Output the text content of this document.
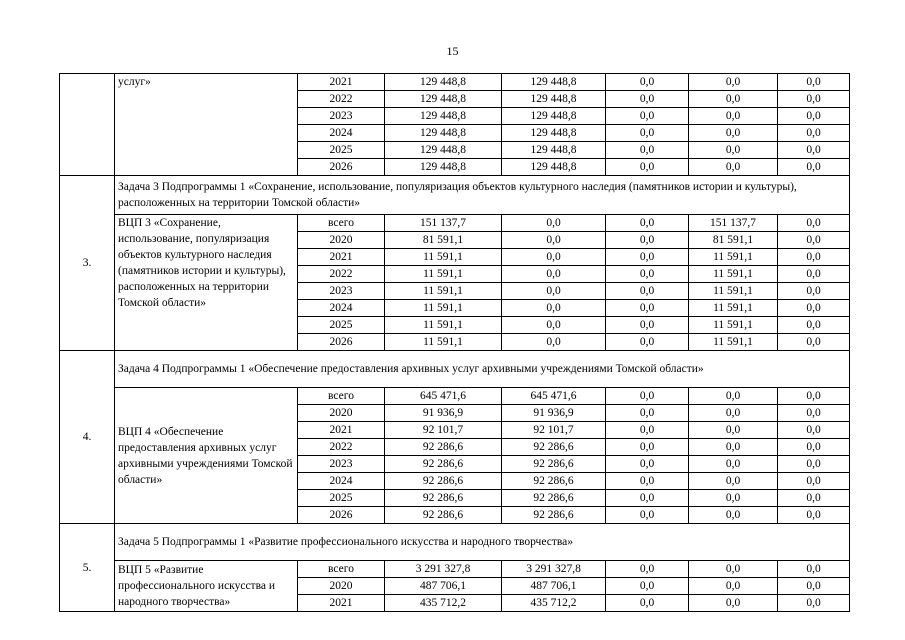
15
	услуг»	2021	129 448,8	129 448,8	0,0	0,0	0,0
		2022	129 448,8	129 448,8	0,0	0,0	0,0
		2023	129 448,8	129 448,8	0,0	0,0	0,0
		2024	129 448,8	129 448,8	0,0	0,0	0,0
		2025	129 448,8	129 448,8	0,0	0,0	0,0
		2026	129 448,8	129 448,8	0,0	0,0	0,0
3.	Задача 3 Подпрограммы 1 «Сохранение, использование, популяризация объектов культурного наследия (памятников истории и культуры), расположенных на территории Томской области»						
	ВЦП 3 «Сохранение, использование, популяризация объектов культурного наследия (памятников истории и культуры), расположенных на территории Томской области»	всего	151 137,7	0,0	0,0	151 137,7	0,0
		2020	81 591,1	0,0	0,0	81 591,1	0,0
		2021	11 591,1	0,0	0,0	11 591,1	0,0
		2022	11 591,1	0,0	0,0	11 591,1	0,0
		2023	11 591,1	0,0	0,0	11 591,1	0,0
		2024	11 591,1	0,0	0,0	11 591,1	0,0
		2025	11 591,1	0,0	0,0	11 591,1	0,0
		2026	11 591,1	0,0	0,0	11 591,1	0,0
4.	Задача 4 Подпрограммы 1 «Обеспечение предоставления архивных услуг архивными учреждениями Томской области»						
	ВЦП 4 «Обеспечение предоставления архивных услуг архивными учреждениями Томской области»	всего	645 471,6	645 471,6	0,0	0,0	0,0
		2020	91 936,9	91 936,9	0,0	0,0	0,0
		2021	92 101,7	92 101,7	0,0	0,0	0,0
		2022	92 286,6	92 286,6	0,0	0,0	0,0
		2023	92 286,6	92 286,6	0,0	0,0	0,0
		2024	92 286,6	92 286,6	0,0	0,0	0,0
		2025	92 286,6	92 286,6	0,0	0,0	0,0
		2026	92 286,6	92 286,6	0,0	0,0	0,0
5.	Задача 5 Подпрограммы 1 «Развитие профессионального искусства и народного творчества»						
	ВЦП 5 «Развитие профессионального искусства и народного творчества»	всего	3 291 327,8	3 291 327,8	0,0	0,0	0,0
		2020	487 706,1	487 706,1	0,0	0,0	0,0
		2021	435 712,2	435 712,2	0,0	0,0	0,0
